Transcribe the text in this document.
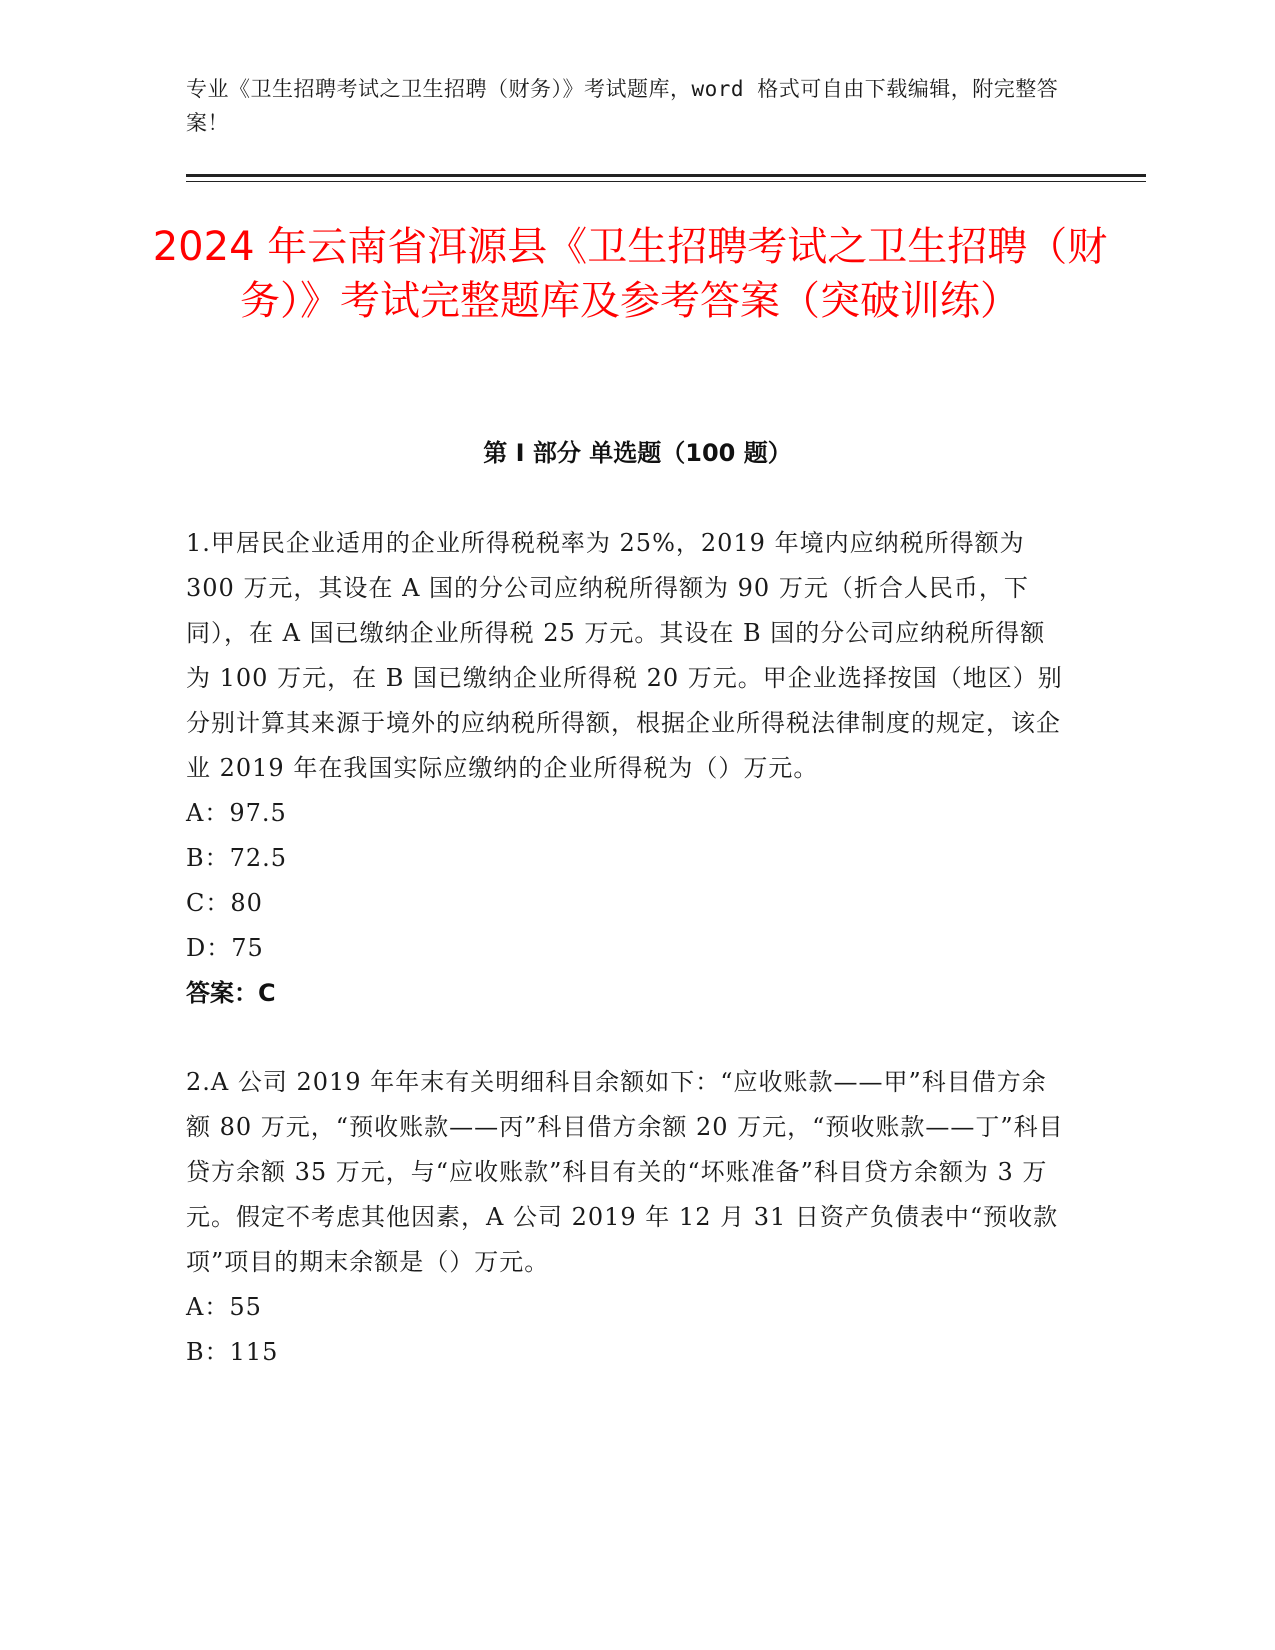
专业《卫生招聘考试之卫生招聘（财务）》考试题库，word 格式可自由下载编辑，附完整答案！
2024 年云南省洱源县《卫生招聘考试之卫生招聘（财务）》考试完整题库及参考答案（突破训练）
第 I 部分 单选题（100 题）

1.甲居民企业适用的企业所得税税率为 25%，2019 年境内应纳税所得额为 300 万元，其设在 A 国的分公司应纳税所得额为 90 万元（折合人民币，下同），在 A 国已缴纳企业所得税 25 万元。其设在 B 国的分公司应纳税所得额为 100 万元，在 B 国已缴纳企业所得税 20 万元。甲企业选择按国（地区）别分别计算其来源于境外的应纳税所得额，根据企业所得税法律制度的规定，该企业 2019 年在我国实际应缴纳的企业所得税为（）万元。

A：97.5

B：72.5

C：80

D：75

答案：C

2.A 公司 2019 年年末有关明细科目余额如下：“应收账款——甲”科目借方余额 80 万元，“预收账款——丙”科目借方余额 20 万元，“预收账款——丁”科目贷方余额 35 万元，与“应收账款”科目有关的“坏账准备”科目贷方余额为 3 万元。假定不考虑其他因素，A 公司 2019 年 12 月 31 日资产负债表中“预收款项”项目的期末余额是（）万元。

A：55

B：115
